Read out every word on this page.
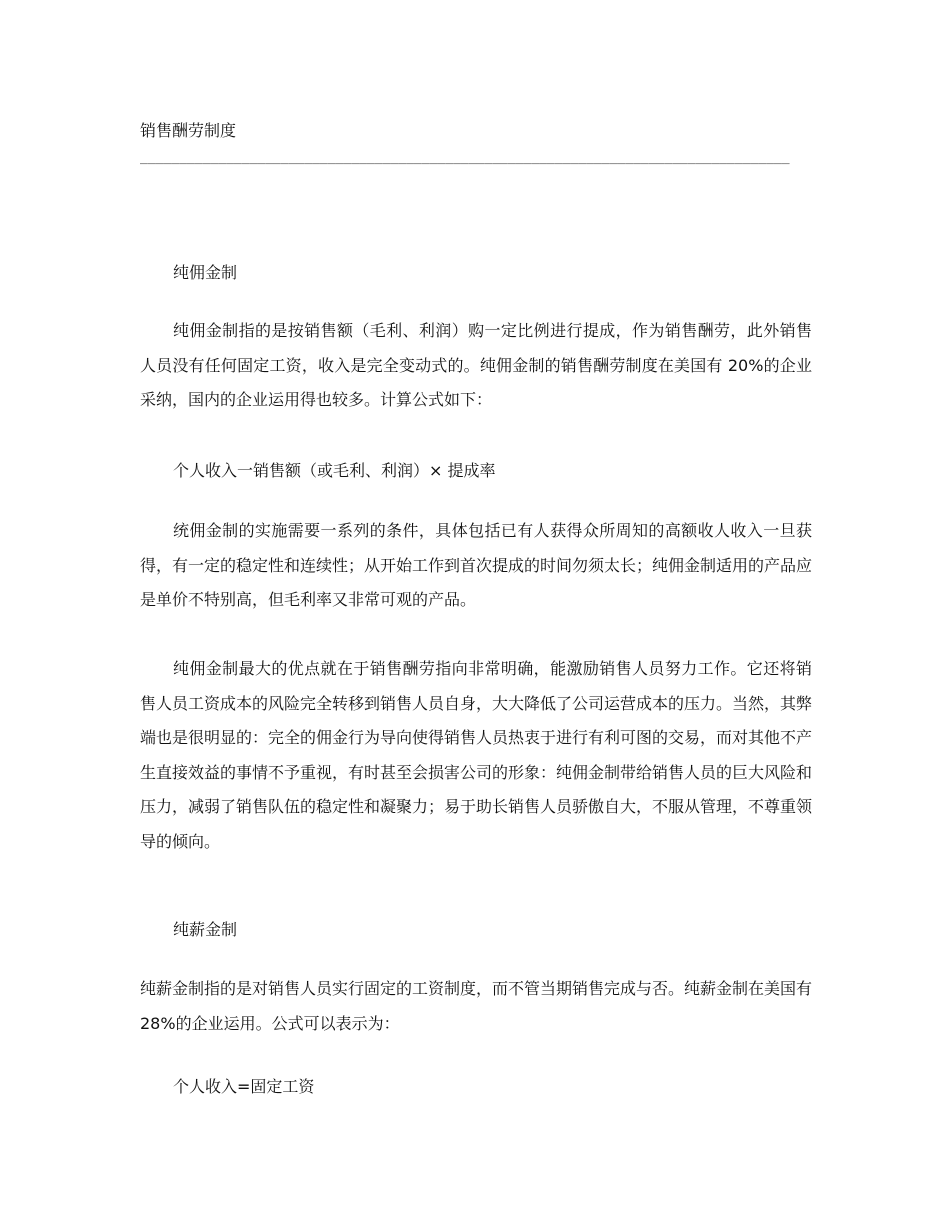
销售酬劳制度
___________________________________________________________________________________
纯佣金制
纯佣金制指的是按销售额（毛利、利润）购一定比例进行提成，作为销售酬劳，此外销售人员没有任何固定工资，收入是完全变动式的。纯佣金制的销售酬劳制度在美国有 20%的企业采纳，国内的企业运用得也较多。计算公式如下：
个人收入一销售额（或毛利、利润）× 提成率
统佣金制的实施需要一系列的条件，具体包括已有人获得众所周知的高额收人收入一旦获得，有一定的稳定性和连续性；从开始工作到首次提成的时间勿须太长；纯佣金制适用的产品应是单价不特别高，但毛利率又非常可观的产品。
纯佣金制最大的优点就在于销售酬劳指向非常明确，能激励销售人员努力工作。它还将销售人员工资成本的风险完全转移到销售人员自身，大大降低了公司运营成本的压力。当然，其弊端也是很明显的：完全的佣金行为导向使得销售人员热衷于进行有利可图的交易，而对其他不产生直接效益的事情不予重视，有时甚至会损害公司的形象：纯佣金制带给销售人员的巨大风险和压力，减弱了销售队伍的稳定性和凝聚力；易于助长销售人员骄傲自大，不服从管理，不尊重领导的倾向。
纯薪金制
纯薪金制指的是对销售人员实行固定的工资制度，而不管当期销售完成与否。纯薪金制在美国有 28%的企业运用。公式可以表示为：
个人收入=固定工资
